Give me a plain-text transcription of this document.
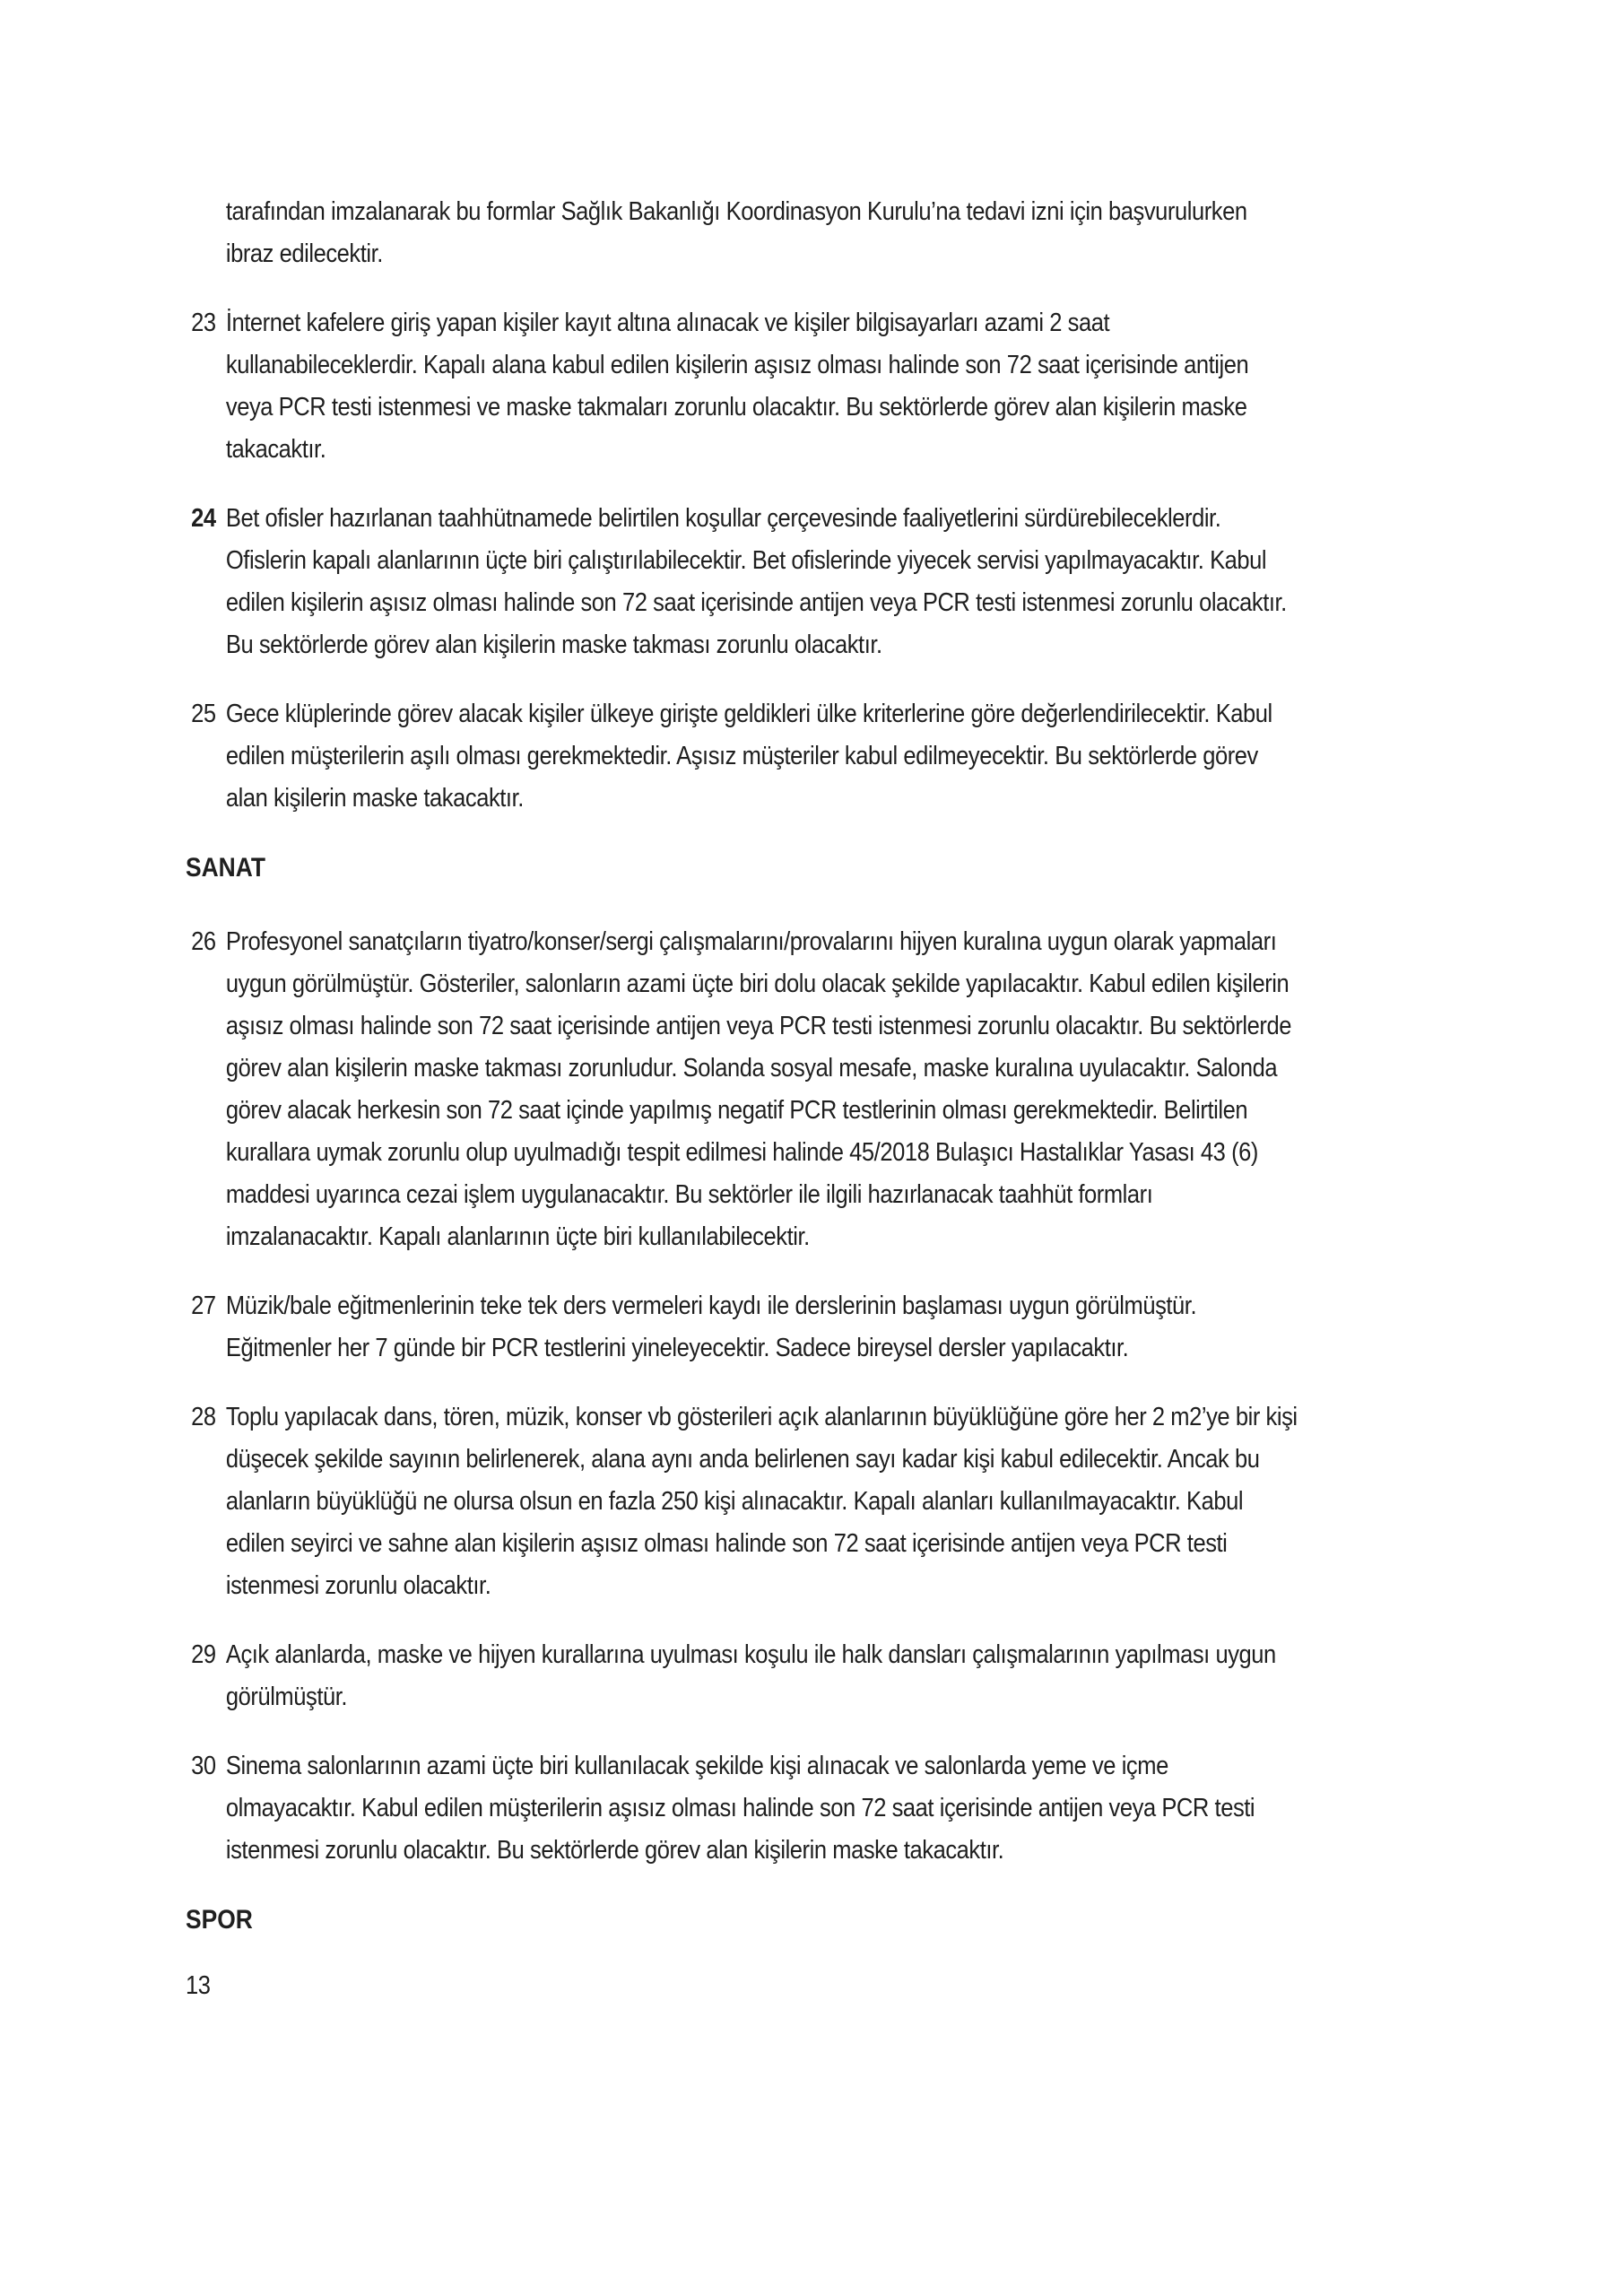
tarafından imzalanarak bu formlar Sağlık Bakanlığı Koordinasyon Kurulu’na tedavi izni için başvurulurken ibraz edilecektir.

23 İnternet kafelere giriş yapan kişiler kayıt altına alınacak ve kişiler bilgisayarları azami 2 saat kullanabileceklerdir. Kapalı alana kabul edilen kişilerin aşısız olması halinde son 72 saat içerisinde antijen veya PCR testi istenmesi ve maske takmaları zorunlu olacaktır. Bu sektörlerde görev alan kişilerin maske takacaktır.
24 Bet ofisler hazırlanan taahhütnamede belirtilen koşullar çerçevesinde faaliyetlerini sürdürebileceklerdir. Ofislerin kapalı alanlarının üçte biri çalıştırılabilecektir. Bet ofislerinde yiyecek servisi yapılmayacaktır. Kabul edilen kişilerin aşısız olması halinde son 72 saat içerisinde antijen veya PCR testi istenmesi zorunlu olacaktır. Bu sektörlerde görev alan kişilerin maske takması zorunlu olacaktır.
25 Gece klüplerinde görev alacak kişiler ülkeye girişte geldikleri ülke kriterlerine göre değerlendirilecektir. Kabul edilen müşterilerin aşılı olması gerekmektedir. Aşısız müşteriler kabul edilmeyecektir. Bu sektörlerde görev alan kişilerin maske takacaktır.
SANAT
26 Profesyonel sanatçıların tiyatro/konser/sergi çalışmalarını/provalarını hijyen kuralına uygun olarak yapmaları uygun görülmüştür. Gösteriler, salonların azami üçte biri dolu olacak şekilde yapılacaktır. Kabul edilen kişilerin aşısız olması halinde son 72 saat içerisinde antijen veya PCR testi istenmesi zorunlu olacaktır. Bu sektörlerde görev alan kişilerin maske takması zorunludur. Solanda sosyal mesafe, maske kuralına uyulacaktır. Salonda görev alacak herkesin son 72 saat içinde yapılmış negatif PCR testlerinin olması gerekmektedir. Belirtilen kurallara uymak zorunlu olup uyulmadığı tespit edilmesi halinde 45/2018 Bulaşıcı Hastalıklar Yasası 43 (6) maddesi uyarınca cezai işlem uygulanacaktır. Bu sektörler ile ilgili hazırlanacak taahhüt formları imzalanacaktır. Kapalı alanlarının üçte biri kullanılabilecektir.
27 Müzik/bale eğitmenlerinin teke tek ders vermeleri kaydı ile derslerinin başlaması uygun görülmüştür. Eğitmenler her 7 günde bir PCR testlerini yineleyecektir. Sadece bireysel dersler yapılacaktır.
28 Toplu yapılacak dans, tören, müzik, konser vb gösterileri açık alanlarının büyüklüğüne göre her 2 m2’ye bir kişi düşecek şekilde sayının belirlenerek, alana aynı anda belirlenen sayı kadar kişi kabul edilecektir. Ancak bu alanların büyüklüğü ne olursa olsun en fazla 250 kişi alınacaktır. Kapalı alanları kullanılmayacaktır. Kabul edilen seyirci ve sahne alan kişilerin aşısız olması halinde son 72 saat içerisinde antijen veya PCR testi istenmesi zorunlu olacaktır.
29 Açık alanlarda, maske ve hijyen kurallarına uyulması koşulu ile halk dansları çalışmalarının yapılması uygun görülmüştür.
30 Sinema salonlarının azami üçte biri kullanılacak şekilde kişi alınacak ve salonlarda yeme ve içme olmayacaktır. Kabul edilen müşterilerin aşısız olması halinde son 72 saat içerisinde antijen veya PCR testi istenmesi zorunlu olacaktır. Bu sektörlerde görev alan kişilerin maske takacaktır.
SPOR

13
